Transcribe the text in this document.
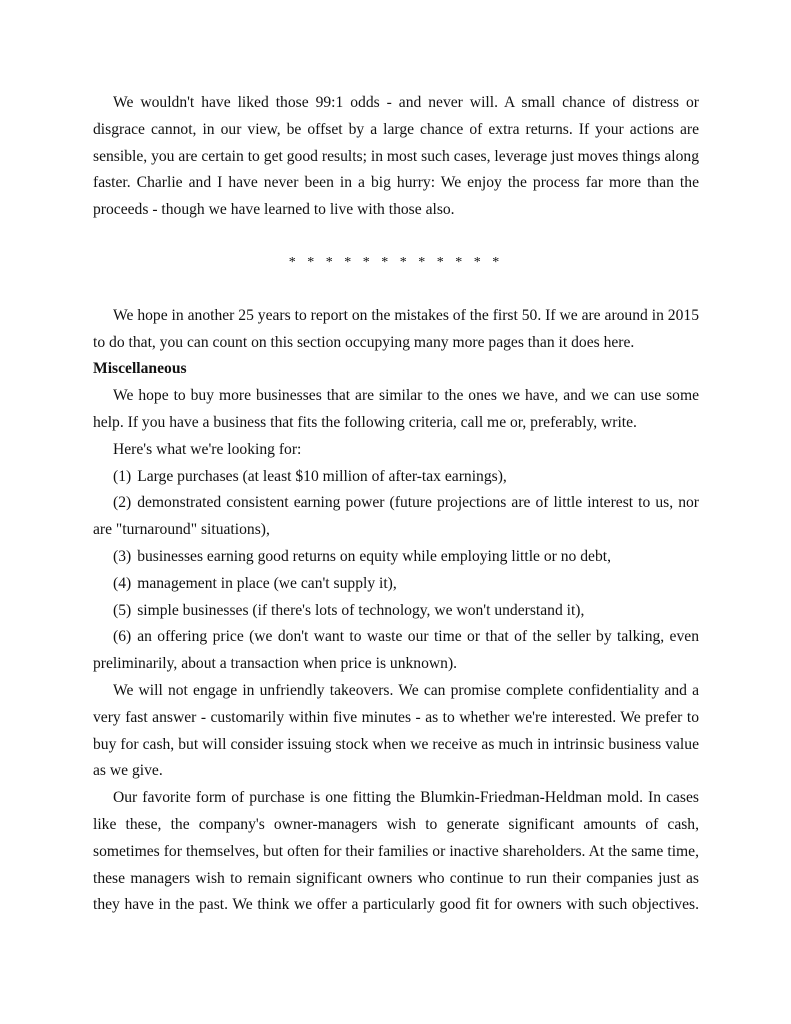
We wouldn't have liked those 99:1 odds - and never will. A small chance of distress or disgrace cannot, in our view, be offset by a large chance of extra returns. If your actions are sensible, you are certain to get good results; in most such cases, leverage just moves things along faster. Charlie and I have never been in a big hurry: We enjoy the process far more than the proceeds - though we have learned to live with those also.

* * * * * * * * * * * *

We hope in another 25 years to report on the mistakes of the first 50. If we are around in 2015 to do that, you can count on this section occupying many more pages than it does here.

Miscellaneous

We hope to buy more businesses that are similar to the ones we have, and we can use some help. If you have a business that fits the following criteria, call me or, preferably, write.

Here's what we're looking for:

(1) Large purchases (at least $10 million of after-tax earnings),
(2) demonstrated consistent earning power (future projections are of little interest to us, nor are "turnaround" situations),
(3) businesses earning good returns on equity while employing little or no debt,
(4) management in place (we can't supply it),
(5) simple businesses (if there's lots of technology, we won't understand it),
(6) an offering price (we don't want to waste our time or that of the seller by talking, even preliminarily, about a transaction when price is unknown).

We will not engage in unfriendly takeovers. We can promise complete confidentiality and a very fast answer - customarily within five minutes - as to whether we're interested. We prefer to buy for cash, but will consider issuing stock when we receive as much in intrinsic business value as we give.

Our favorite form of purchase is one fitting the Blumkin-Friedman-Heldman mold. In cases like these, the company's owner-managers wish to generate significant amounts of cash, sometimes for themselves, but often for their families or inactive shareholders. At the same time, these managers wish to remain significant owners who continue to run their companies just as they have in the past. We think we offer a particularly good fit for owners with such objectives.
